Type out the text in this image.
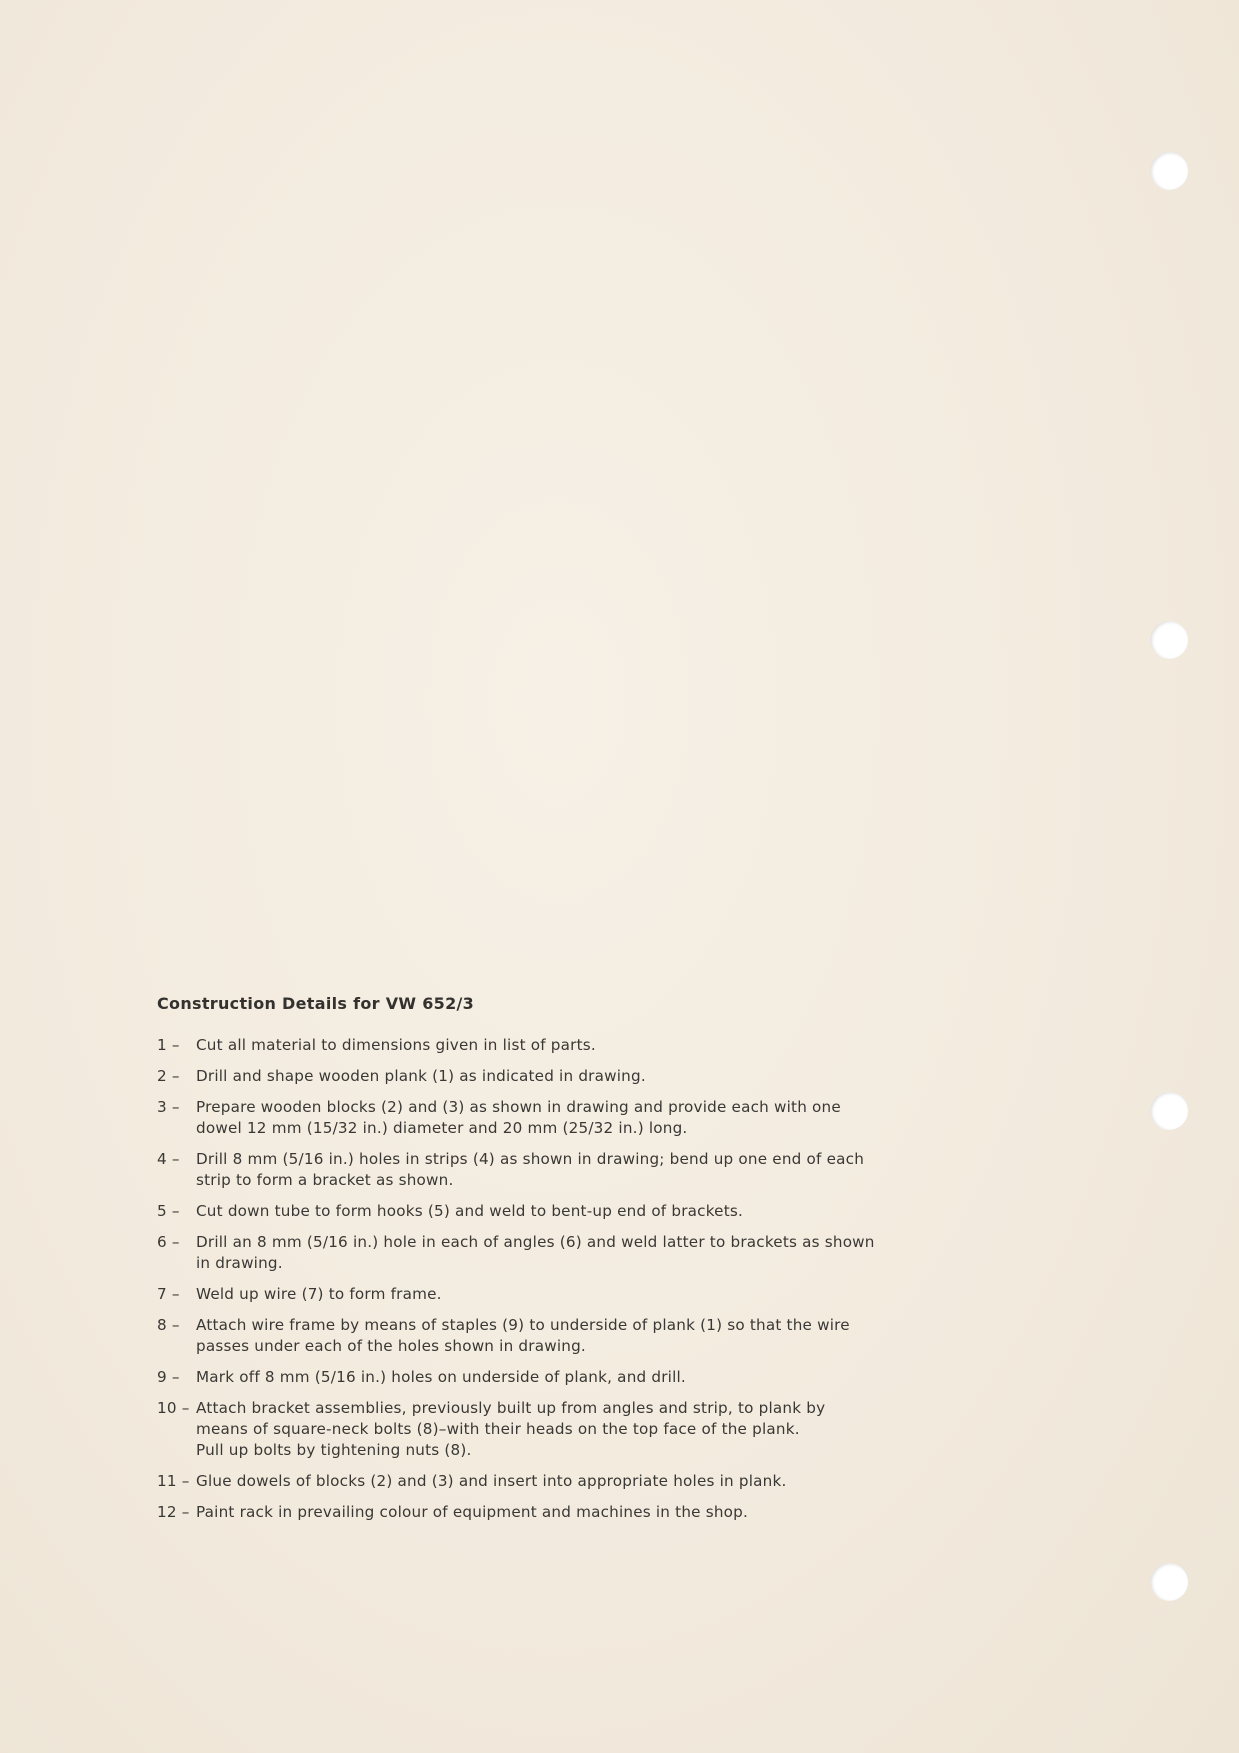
Construction Details for VW 652/3
1 –	Cut all material to dimensions given in list of parts.
2 –	Drill and shape wooden plank (1) as indicated in drawing.
3 –	Prepare wooden blocks (2) and (3) as shown in drawing and provide each with one
dowel 12 mm (15/32 in.) diameter and 20 mm (25/32 in.) long.
4 –	Drill 8 mm (5/16 in.) holes in strips (4) as shown in drawing; bend up one end of each
strip to form a bracket as shown.
5 –	Cut down tube to form hooks (5) and weld to bent-up end of brackets.
6 –	Drill an 8 mm (5/16 in.) hole in each of angles (6) and weld latter to brackets as shown
in drawing.
7 –	Weld up wire (7) to form frame.
8 –	Attach wire frame by means of staples (9) to underside of plank (1) so that the wire
passes under each of the holes shown in drawing.
9 –	Mark off 8 mm (5/16 in.) holes on underside of plank, and drill.
10 – Attach bracket assemblies, previously built up from angles and strip, to plank by
means of square-neck bolts (8)–with their heads on the top face of the plank.
Pull up bolts by tightening nuts (8).
11 – Glue dowels of blocks (2) and (3) and insert into appropriate holes in plank.
12 – Paint rack in prevailing colour of equipment and machines in the shop.
